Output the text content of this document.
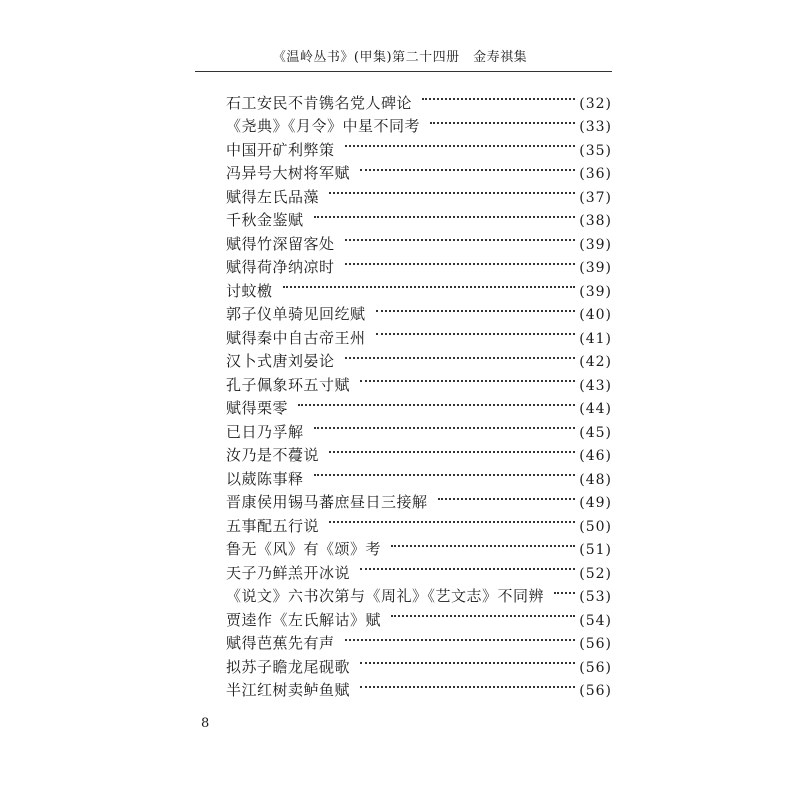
《温岭丛书》(甲集)第二十四册　金寿祺集
石工安民不肯镌名党人碑论	(32)
《尧典》《月令》中星不同考	(33)
中国开矿利弊策	(35)
冯异号大树将军赋	(36)
赋得左氏品藻	(37)
千秋金鉴赋	(38)
赋得竹深留客处	(39)
赋得荷净纳凉时	(39)
讨蚊檄	(39)
郭子仪单骑见回纥赋	(40)
赋得秦中自古帝王州	(41)
汉卜式唐刘晏论	(42)
孔子佩象环五寸赋	(43)
赋得栗零	(44)
已日乃孚解	(45)
汝乃是不蘉说	(46)
以葳陈事释	(48)
晋康侯用锡马蕃庶昼日三接解	(49)
五事配五行说	(50)
鲁无《风》有《颂》考	(51)
天子乃鲜羔开冰说	(52)
《说文》六书次第与《周礼》《艺文志》不同辨	(53)
贾逵作《左氏解诂》赋	(54)
赋得芭蕉先有声	(56)
拟苏子瞻龙尾砚歌	(56)
半江红树卖鲈鱼赋	(56)
8
